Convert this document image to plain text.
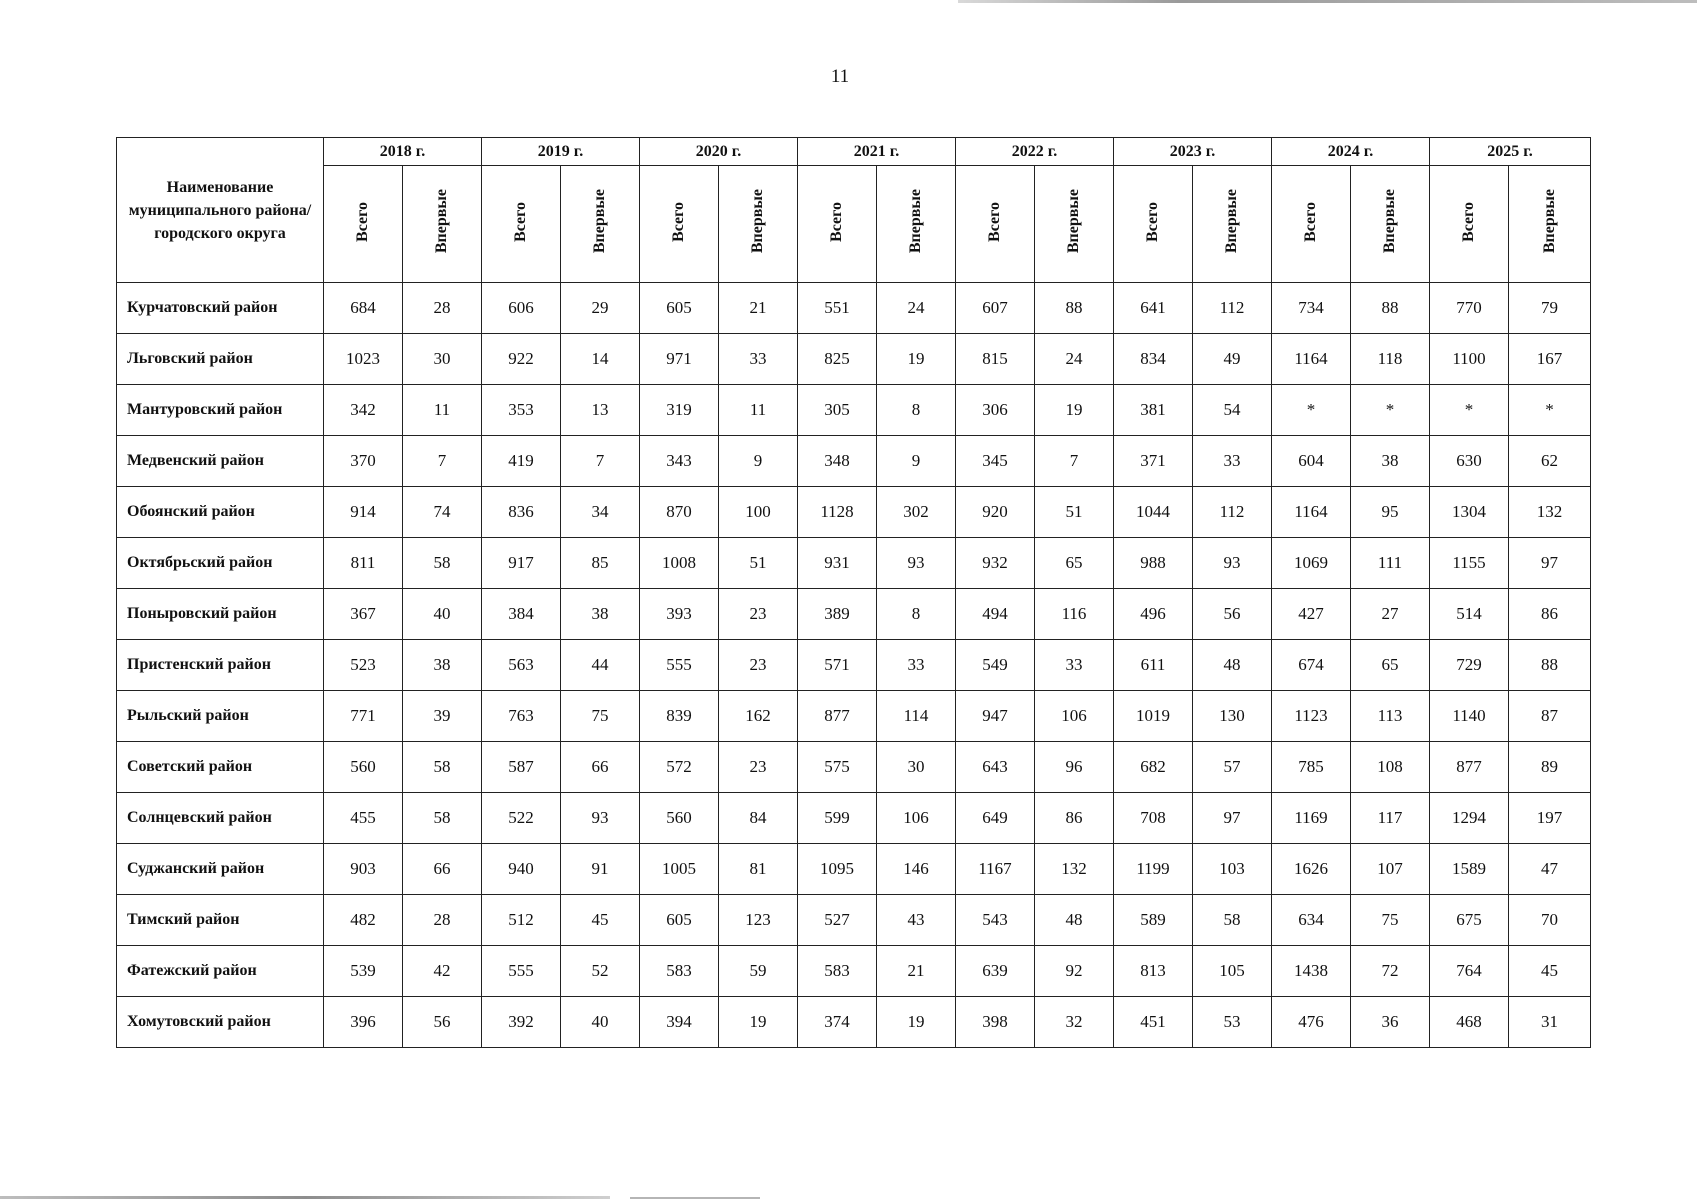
11
Наименование муниципального района/ городского округа	2018 г.		2019 г.		2020 г.		2021 г.		2022 г.		2023 г.		2024 г.		2025 г.	
	Всего	Впервые	Всего	Впервые	Всего	Впервые	Всего	Впервые	Всего	Впервые	Всего	Впервые	Всего	Впервые	Всего	Впервые
Курчатовский район	684	28	606	29	605	21	551	24	607	88	641	112	734	88	770	79
Льговский район	1023	30	922	14	971	33	825	19	815	24	834	49	1164	118	1100	167
Мантуровский район	342	11	353	13	319	11	305	8	306	19	381	54	*	*	*	*
Медвенский район	370	7	419	7	343	9	348	9	345	7	371	33	604	38	630	62
Обоянский район	914	74	836	34	870	100	1128	302	920	51	1044	112	1164	95	1304	132
Октябрьский район	811	58	917	85	1008	51	931	93	932	65	988	93	1069	111	1155	97
Поныровский район	367	40	384	38	393	23	389	8	494	116	496	56	427	27	514	86
Пристенский район	523	38	563	44	555	23	571	33	549	33	611	48	674	65	729	88
Рыльский район	771	39	763	75	839	162	877	114	947	106	1019	130	1123	113	1140	87
Советский район	560	58	587	66	572	23	575	30	643	96	682	57	785	108	877	89
Солнцевский район	455	58	522	93	560	84	599	106	649	86	708	97	1169	117	1294	197
Суджанский район	903	66	940	91	1005	81	1095	146	1167	132	1199	103	1626	107	1589	47
Тимский район	482	28	512	45	605	123	527	43	543	48	589	58	634	75	675	70
Фатежский район	539	42	555	52	583	59	583	21	639	92	813	105	1438	72	764	45
Хомутовский район	396	56	392	40	394	19	374	19	398	32	451	53	476	36	468	31
